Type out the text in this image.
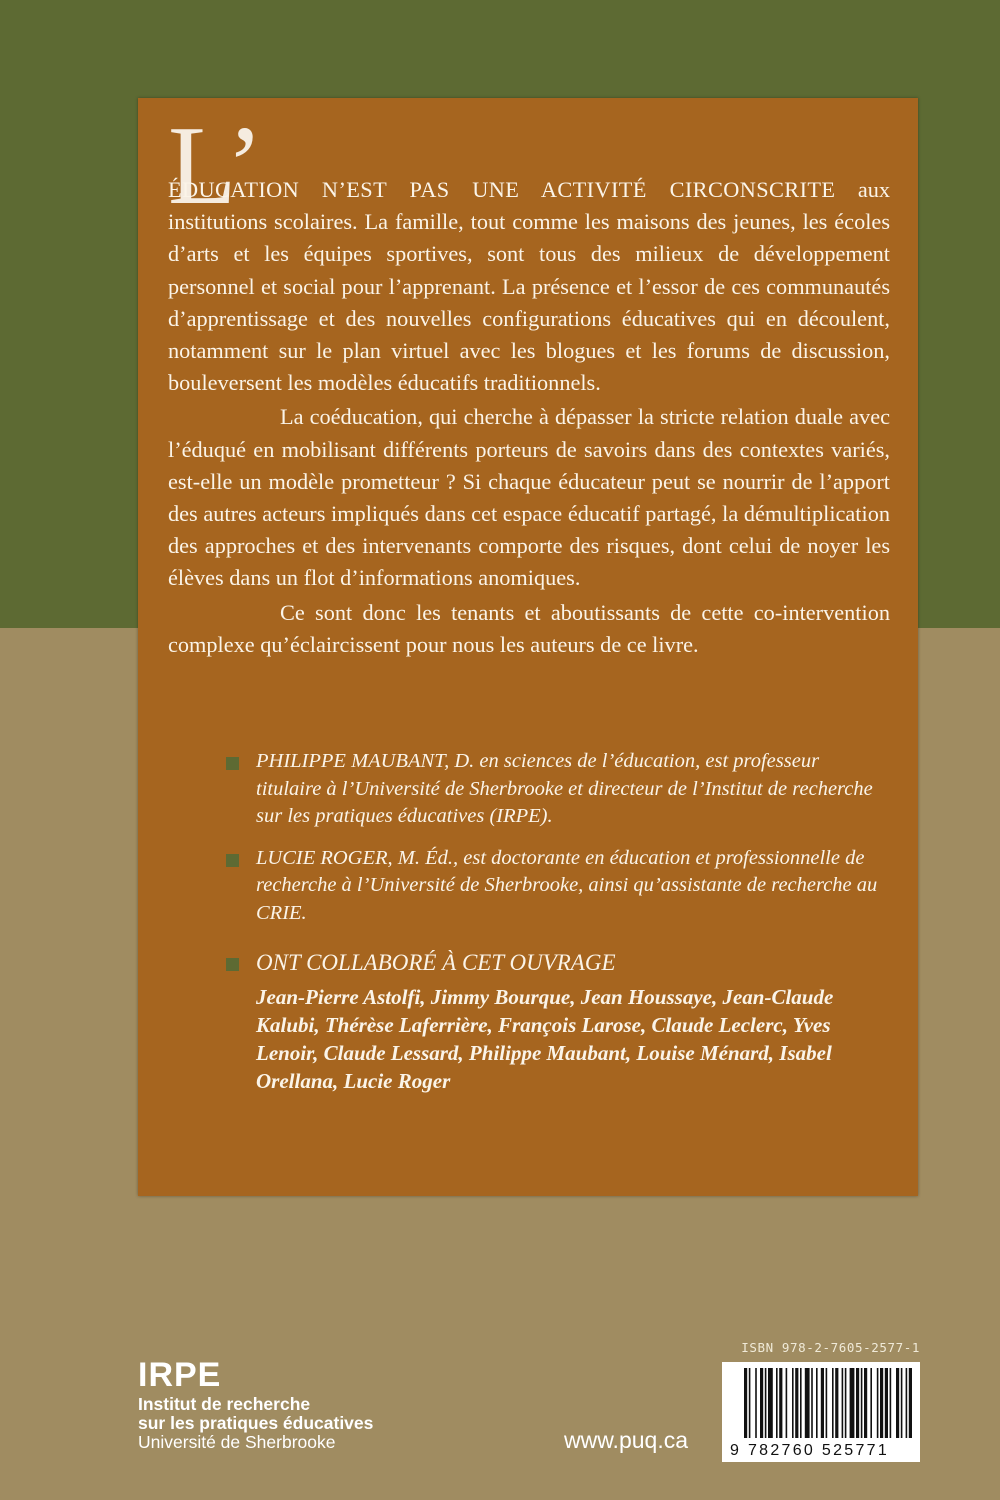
L’

ÉDUCATION N’EST PAS UNE ACTIVITÉ CIRCONSCRITE aux institutions scolaires. La famille, tout comme les maisons des jeunes, les écoles d’arts et les équipes sportives, sont tous des milieux de développement personnel et social pour l’apprenant. La présence et l’essor de ces communautés d’apprentissage et des nouvelles configurations éducatives qui en découlent, notamment sur le plan virtuel avec les blogues et les forums de discussion, bouleversent les modèles éducatifs traditionnels.

La coéducation, qui cherche à dépasser la stricte relation duale avec l’éduqué en mobilisant différents porteurs de savoirs dans des contextes variés, est-elle un modèle prometteur ? Si chaque éducateur peut se nourrir de l’apport des autres acteurs impliqués dans cet espace éducatif partagé, la démultiplication des approches et des intervenants comporte des risques, dont celui de noyer les élèves dans un flot d’informations anomiques.

Ce sont donc les tenants et aboutissants de cette co-intervention complexe qu’éclaircissent pour nous les auteurs de ce livre.

PHILIPPE MAUBANT, D. en sciences de l’éducation, est professeur titulaire à l’Université de Sherbrooke et directeur de l’Institut de recherche sur les pratiques éducatives (IRPE).
LUCIE ROGER, M. Éd., est doctorante en éducation et professionnelle de recherche à l’Université de Sherbrooke, ainsi qu’assistante de recherche au CRIE.
ONT COLLABORÉ À CET OUVRAGE
Jean-Pierre Astolfi, Jimmy Bourque, Jean Houssaye, Jean-Claude Kalubi, Thérèse Laferrière, François Larose, Claude Leclerc, Yves Lenoir, Claude Lessard, Philippe Maubant, Louise Ménard, Isabel Orellana, Lucie Roger
IRPE
Institut de recherche
sur les pratiques éducatives
Université de Sherbrooke	www.puq.ca
ISBN 978-2-7605-2577-1
9 782760 525771
